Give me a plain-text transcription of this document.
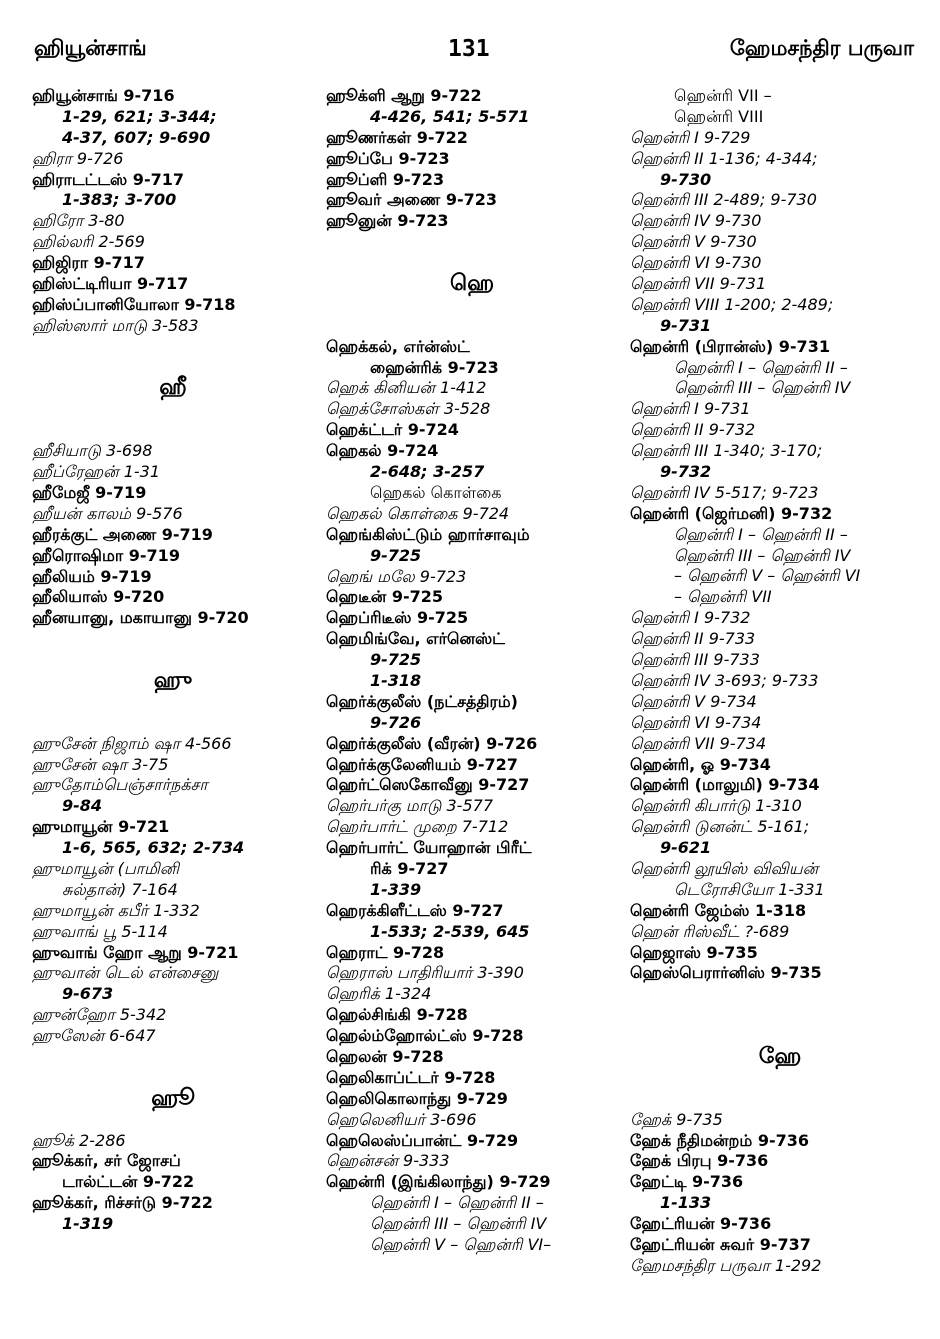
ஹியூன்சாங்	131	ஹேமசந்திர பருவா
ஹியூன்சாங் 9-716
1-29, 621; 3-344;
4-37, 607; 9-690
ஹிரா 9-726
ஹிராடட்டஸ் 9-717
1-383; 3-700
ஹிரோ 3-80
ஹில்லரி 2-569
ஹிஜிரா 9-717
ஹிஸ்ட்டிரியா 9-717
ஹிஸ்ப்பானியோலா 9-718
ஹிஸ்ஸார் மாடு 3-583
ஹீ
ஹீசியாடு 3-698
ஹீப்ரேஹன் 1-31
ஹீமேஜீ 9-719
ஹீயன் காலம் 9-576
ஹீரக்குட் அணை 9-719
ஹீரொஷிமா 9-719
ஹீலியம் 9-719
ஹீலியாஸ் 9-720
ஹீனயானு, மகாயானு 9-720
ஹு
ஹுசேன் நிஜாம் ஷா 4-566
ஹுசேன் ஷா 3-75
ஹுதோம்பெஞ்சார்நக்சா
9-84
ஹுமாயூன் 9-721
1-6, 565, 632; 2-734
ஹுமாயூன் (பாமினி
சுல்தான்) 7-164
ஹுமாயூன் கபீர் 1-332
ஹுவாங் பூ 5-114
ஹுவாங் ஹோ ஆறு 9-721
ஹுவான் டெல் என்சைனு
9-673
ஹுன்ஹோ 5-342
ஹுஸேன் 6-647
ஹூ
ஹூக் 2-286
ஹூக்கர், சர் ஜோசப்
டால்ட்டன் 9-722
ஹூக்கர், ரிச்சர்டு 9-722
1-319
ஹூக்ளி ஆறு 9-722
4-426, 541; 5-571
ஹூணர்கள் 9-722
ஹூப்பே 9-723
ஹூப்ளி 9-723
ஹூவர் அணை 9-723
ஹூனுன் 9-723
ஹெ
ஹெக்கல், எர்ன்ஸ்ட்
ஹைன்ரிக் 9-723
ஹெக் கினியன் 1-412
ஹெக்சோஸ்கள் 3-528
ஹெக்ட்டர் 9-724
ஹெகல் 9-724
2-648; 3-257
ஹெகல் கொள்கை
ஹெகல் கொள்கை 9-724
ஹெங்கிஸ்ட்டும் ஹார்சாவும்
9-725
ஹெங் மலே 9-723
ஹெடீன் 9-725
ஹெப்ரிடீஸ் 9-725
ஹெமிங்வே, எர்னெஸ்ட்
9-725
1-318
ஹெர்க்குலீஸ் (நட்சத்திரம்)
9-726
ஹெர்க்குலீஸ் (வீரன்) 9-726
ஹெர்க்குலேனியம் 9-727
ஹெர்ட்ஸெகோவீனு 9-727
ஹெர்பர்கு மாடு 3-577
ஹெர்பார்ட் முறை 7-712
ஹெர்பார்ட் யோஹான் பிரீட்
ரிக் 9-727
1-339
ஹெரக்கிளீட்டஸ் 9-727
1-533; 2-539, 645
ஹெராட் 9-728
ஹெராஸ் பாதிரியார் 3-390
ஹெரிக் 1-324
ஹெல்சிங்கி 9-728
ஹெல்ம்ஹோல்ட்ஸ் 9-728
ஹெலன் 9-728
ஹெலிகாப்ட்டர் 9-728
ஹெலிகொலாந்து 9-729
ஹெலெனியர் 3-696
ஹெலெஸ்ப்பான்ட் 9-729
ஹென்சன் 9-333
ஹென்ரி (இங்கிலாந்து) 9-729
ஹென்ரி I – ஹென்ரி II –
ஹென்ரி III – ஹென்ரி IV
ஹென்ரி V – ஹென்ரி VI–
ஹென்ரி VII –
ஹென்ரி VIII
ஹென்ரி I 9-729
ஹென்ரி II 1-136; 4-344;
9-730
ஹென்ரி III 2-489; 9-730
ஹென்ரி IV 9-730
ஹென்ரி V 9-730
ஹென்ரி VI 9-730
ஹென்ரி VII 9-731
ஹென்ரி VIII 1-200; 2-489;
9-731
ஹென்ரி (பிரான்ஸ்) 9-731
ஹென்ரி I – ஹென்ரி II –
ஹென்ரி III – ஹென்ரி IV
ஹென்ரி I 9-731
ஹென்ரி II 9-732
ஹென்ரி III 1-340; 3-170;
9-732
ஹென்ரி IV 5-517; 9-723
ஹென்ரி (ஜெர்மனி) 9-732
ஹென்ரி I – ஹென்ரி II –
ஹென்ரி III – ஹென்ரி IV
– ஹென்ரி V – ஹென்ரி VI
– ஹென்ரி VII
ஹென்ரி I 9-732
ஹென்ரி II 9-733
ஹென்ரி III 9-733
ஹென்ரி IV 3-693; 9-733
ஹென்ரி V 9-734
ஹென்ரி VI 9-734
ஹென்ரி VII 9-734
ஹென்ரி, ஓ 9-734
ஹென்ரி (மாலுமி) 9-734
ஹென்ரி கிபார்டு 1-310
ஹென்ரி டுனன்ட் 5-161;
9-621
ஹென்ரி லூயிஸ் விவியன்
டெரோசியோ 1-331
ஹென்ரி ஜேம்ஸ் 1-318
ஹென் ரிஸ்வீட் ?-689
ஹெஜாஸ் 9-735
ஹெஸ்பெரார்னிஸ் 9-735
ஹே
ஹேக் 9-735
ஹேக் நீதிமன்றம் 9-736
ஹேக் பிரபு 9-736
ஹேட்டி 9-736
1-133
ஹேட்ரியன் 9-736
ஹேட்ரியன் சுவர் 9-737
ஹேமசந்திர பருவா 1-292
